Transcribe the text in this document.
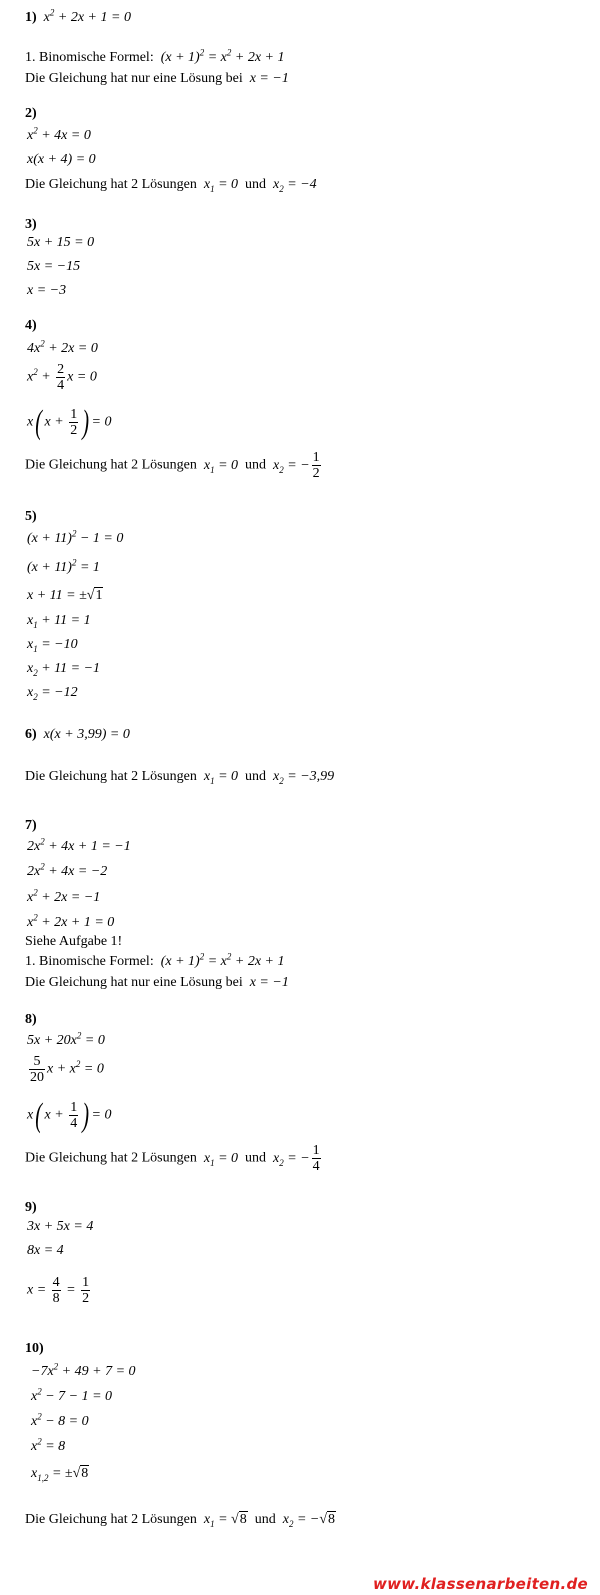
1) $x^2 + 2x + 1 = 0$
1. Binomische Formel: $(x + 1)^2 = x^2 + 2x + 1$
Die Gleichung hat nur eine Lösung bei x = −1
2)
$x^2 + 4x = 0$
x(x + 4) = 0
Die Gleichung hat 2 Lösungen $x_1 = 0$ und $x_2 = -4$
3)
5x + 15 = 0
5x = −15
x = −3
4)
$4x^2 + 2x = 0$
$x^2 + \frac{2}{4}$ x = 0
x( $x + \frac{1}{2}$ ) = 0
Die Gleichung hat 2 Lösungen $x_1 = 0$ und $x_2$ = − $\frac{1}{2}$
5)
$(x + 11)^2 - 1 = 0$
$(x + 11)^2 = 1$
x + 11 = ±√1
$x_1 + 11 = 1$
$x_1 = -10$
$x_2 + 11 = -1$
$x_2 = -12$
6) x(x + 3,99) = 0
Die Gleichung hat 2 Lösungen $x_1 = 0$ und $x_2 = -3,99$
7)
$2x^2 + 4x + 1 = -1$
$2x^2 + 4x = -2$
$x^2 + 2x = -1$
$x^2 + 2x + 1 = 0$
Siehe Aufgabe 1!
1. Binomische Formel: $(x + 1)^2 = x^2 + 2x + 1$
Die Gleichung hat nur eine Lösung bei x = −1
8)
$5x + 20x^2 = 0$
$\frac{5}{20}$ $x + x^2 = 0$
x( $x + \frac{1}{4}$ ) = 0
Die Gleichung hat 2 Lösungen $x_1 = 0$ und $x_2$ = − $\frac{1}{4}$
9)
3x + 5x = 4
8x = 4
$x = \frac{4}{8} = \frac{1}{2}$
10)
$-7x^2 + 49 + 7 = 0$
$x^2 - 7 - 1 = 0$
$x^2 - 8 = 0$
$x^2 = 8$
$x_{1,2} = \pm√8$
Die Gleichung hat 2 Lösungen $x_1 = √8$ und $x_2 = -√8$
www.klassenarbeiten.de
